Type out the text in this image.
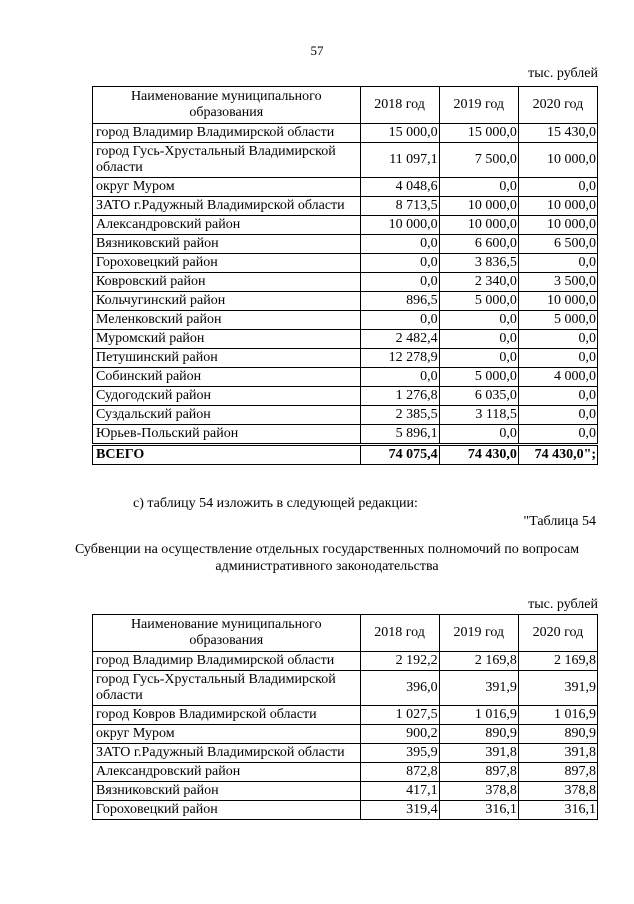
57
тыс. рублей
Наименование муниципального образования	2018 год	2019 год	2020 год
город Владимир Владимирской области	15 000,0	15 000,0	15 430,0
город Гусь-Хрустальный Владимирской области	11 097,1	7 500,0	10 000,0
округ Муром	4 048,6	0,0	0,0
ЗАТО г.Радужный Владимирской области	8 713,5	10 000,0	10 000,0
Александровский район	10 000,0	10 000,0	10 000,0
Вязниковский район	0,0	6 600,0	6 500,0
Гороховецкий район	0,0	3 836,5	0,0
Ковровский район	0,0	2 340,0	3 500,0
Кольчугинский район	896,5	5 000,0	10 000,0
Меленковский район	0,0	0,0	5 000,0
Муромский район	2 482,4	0,0	0,0
Петушинский район	12 278,9	0,0	0,0
Собинский район	0,0	5 000,0	4 000,0
Судогодский район	1 276,8	6 035,0	0,0
Суздальский район	2 385,5	3 118,5	0,0
Юрьев-Польский район	5 896,1	0,0	0,0
ВСЕГО	74 075,4	74 430,0	74 430,0";
с) таблицу 54 изложить в следующей редакции:
"Таблица 54
Субвенции на осуществление отдельных государственных полномочий по вопросам административного законодательства
тыс. рублей
Наименование муниципального образования	2018 год	2019 год	2020 год
город Владимир Владимирской области	2 192,2	2 169,8	2 169,8
город Гусь-Хрустальный Владимирской области	396,0	391,9	391,9
город Ковров Владимирской области	1 027,5	1 016,9	1 016,9
округ Муром	900,2	890,9	890,9
ЗАТО г.Радужный Владимирской области	395,9	391,8	391,8
Александровский район	872,8	897,8	897,8
Вязниковский район	417,1	378,8	378,8
Гороховецкий район	319,4	316,1	316,1
